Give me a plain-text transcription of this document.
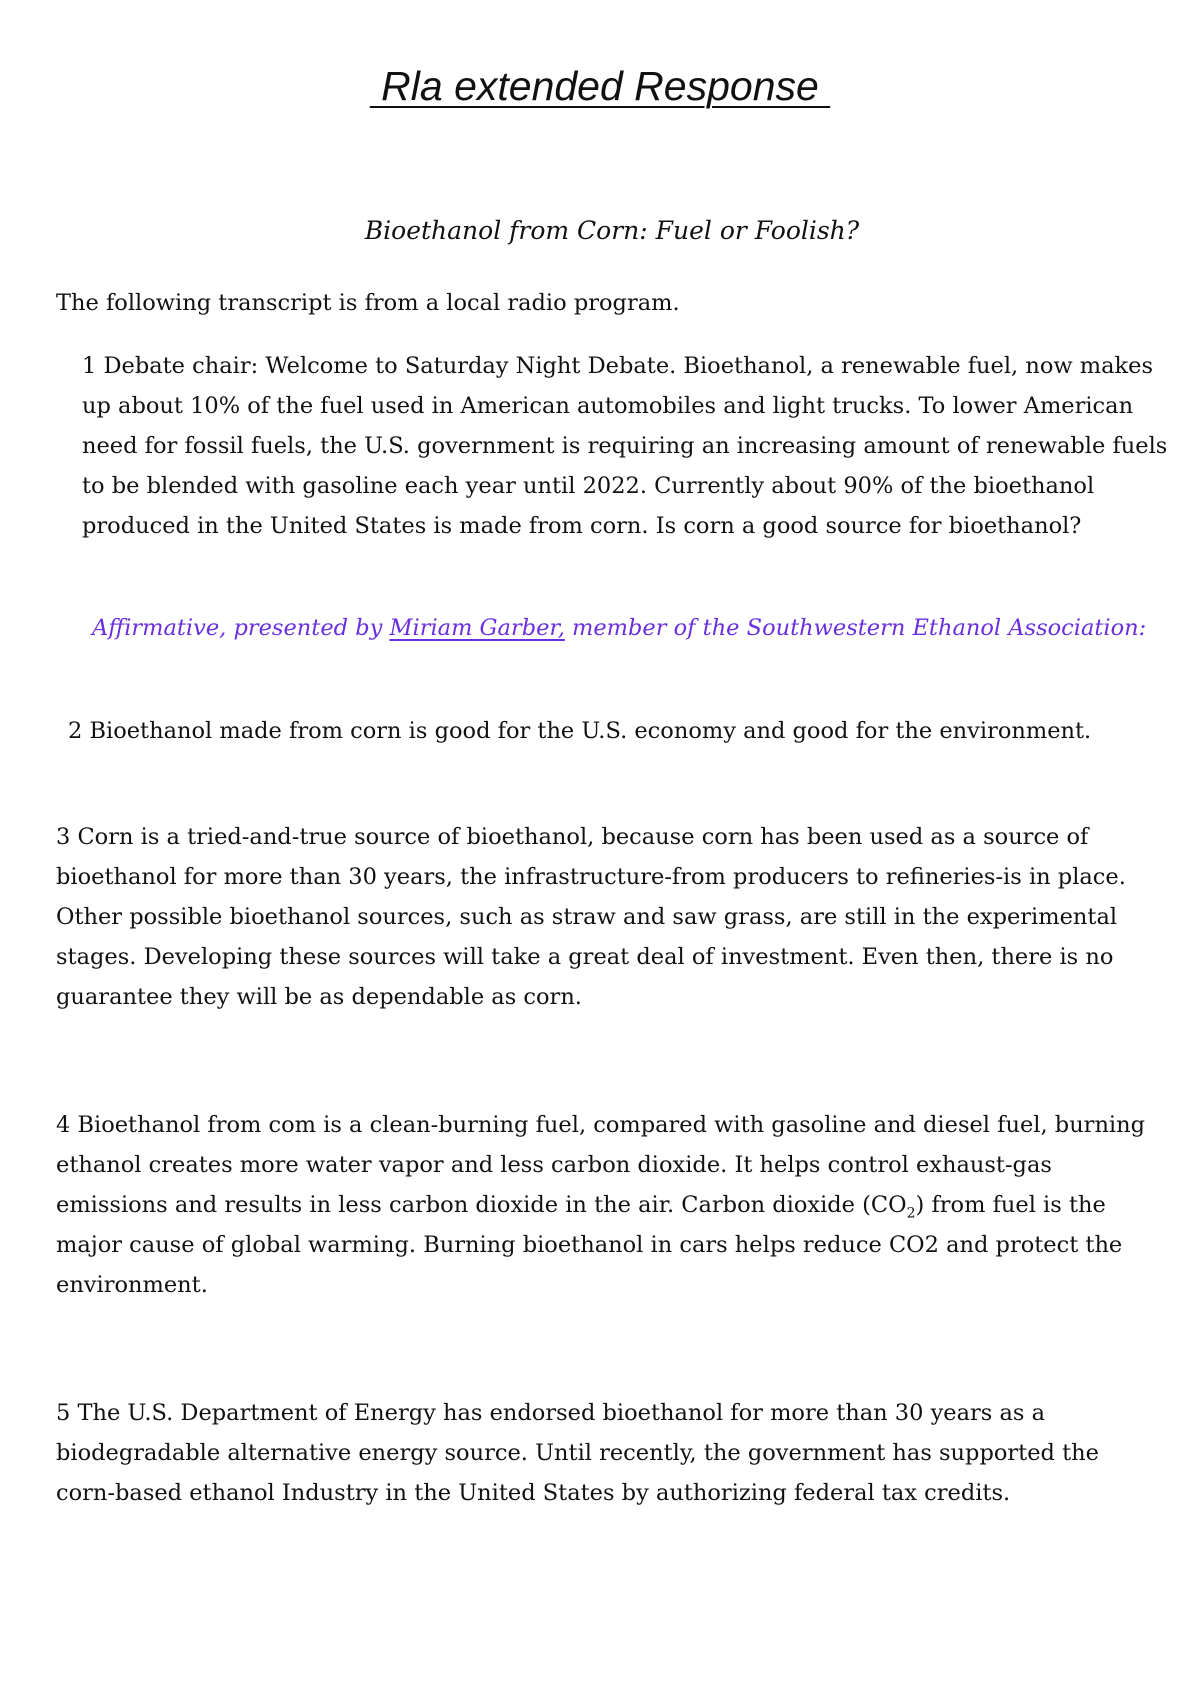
Rla extended Response
Bioethanol from Corn: Fuel or Foolish?

The following transcript is from a local radio program.

1 Debate chair: Welcome to Saturday Night Debate. Bioethanol, a renewable fuel, now makes up about 10% of the fuel used in American automobiles and light trucks. To lower American need for fossil fuels, the U.S. government is requiring an increasing amount of renewable fuels to be blended with gasoline each year until 2022. Currently about 90% of the bioethanol produced in the United States is made from corn. Is corn a good source for bioethanol?

Affirmative, presented by Miriam Garber, member of the Southwestern Ethanol Association:

2 Bioethanol made from corn is good for the U.S. economy and good for the environment.

3 Corn is a tried-and-true source of bioethanol, because corn has been used as a source of bioethanol for more than 30 years, the infrastructure-from producers to refineries-is in place. Other possible bioethanol sources, such as straw and saw grass, are still in the experimental stages. Developing these sources will take a great deal of investment. Even then, there is no guarantee they will be as dependable as corn.

4 Bioethanol from com is a clean-burning fuel, compared with gasoline and diesel fuel, burning ethanol creates more water vapor and less carbon dioxide. It helps control exhaust-gas emissions and results in less carbon dioxide in the air. Carbon dioxide $(CO_2)$ from fuel is the major cause of global warming. Burning bioethanol in cars helps reduce CO2 and protect the environment.

5 The U.S. Department of Energy has endorsed bioethanol for more than 30 years as a biodegradable alternative energy source. Until recently, the government has supported the corn-based ethanol Industry in the United States by authorizing federal tax credits.
